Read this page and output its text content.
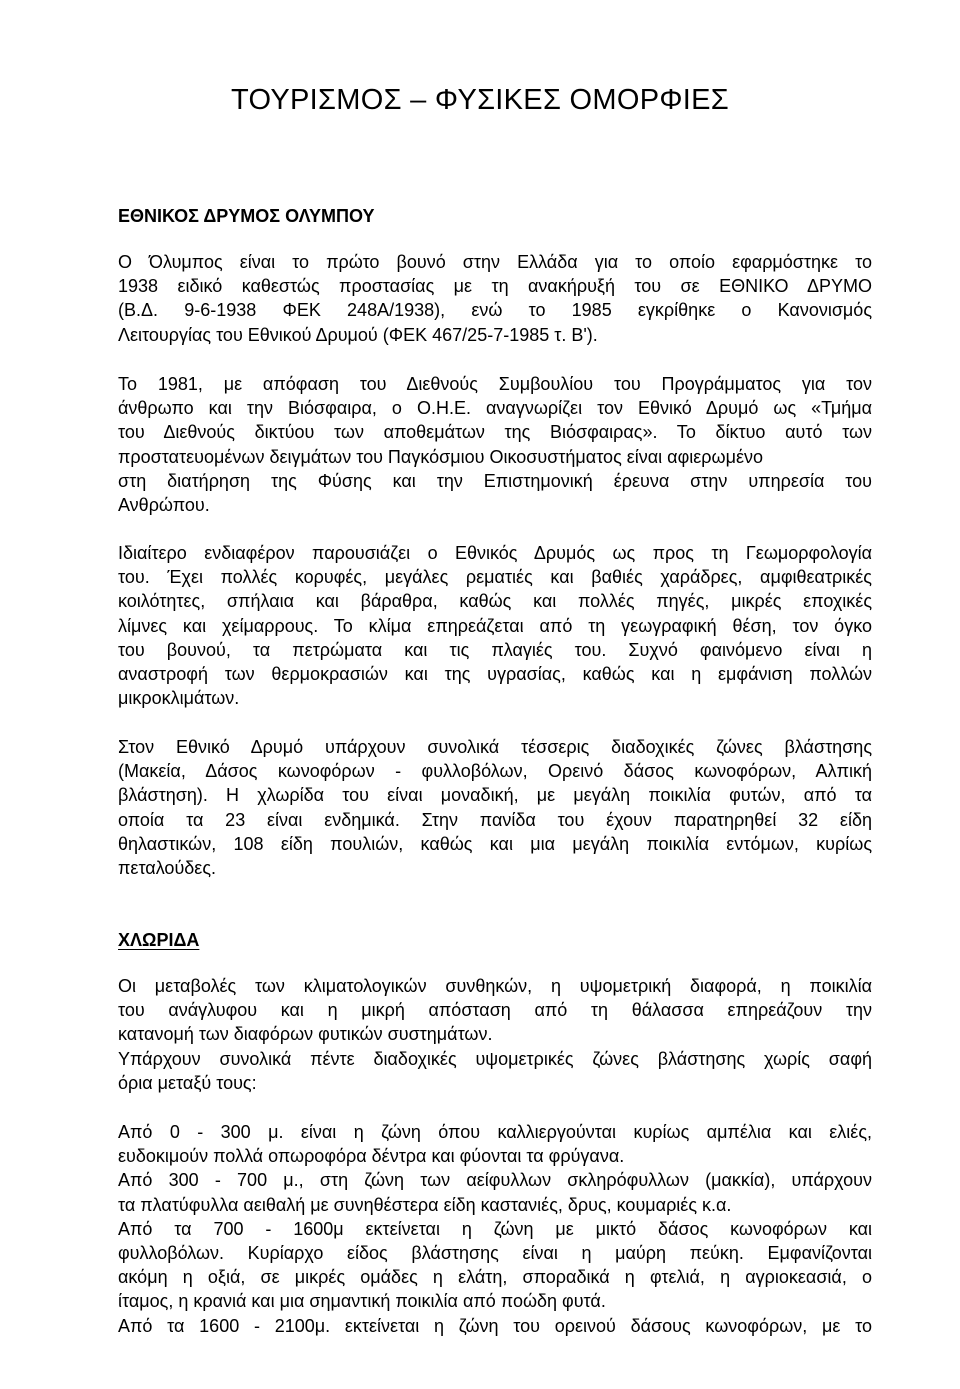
ΤΟΥΡΙΣΜΟΣ – ΦΥΣΙΚΕΣ ΟΜΟΡΦΙΕΣ
ΕΘΝΙΚΟΣ ΔΡΥΜΟΣ ΟΛΥΜΠΟΥ
Ο Όλυμπος είναι το πρώτο βουνό στην Ελλάδα για το οποίο εφαρμόστηκε το
1938 ειδικό καθεστώς προστασίας με τη ανακήρυξή του σε ΕΘΝΙΚΟ ΔΡΥΜΟ
(Β.Δ. 9-6-1938 ΦΕΚ 248Α/1938), ενώ το 1985 εγκρίθηκε ο Κανονισμός
Λειτουργίας του Εθνικού Δρυμού (ΦΕΚ 467/25-7-1985 τ. Β').
Το 1981, με απόφαση του Διεθνούς Συμβουλίου του Προγράμματος για τον
άνθρωπο και την Βιόσφαιρα, ο Ο.Η.Ε. αναγνωρίζει τον Εθνικό Δρυμό ως «Τμήμα
του Διεθνούς δικτύου των αποθεμάτων της Βιόσφαιρας». Το δίκτυο αυτό των
προστατευομένων δειγμάτων του Παγκόσμιου Οικοσυστήματος είναι αφιερωμένο
στη διατήρηση της Φύσης και την Επιστημονική έρευνα στην υπηρεσία του
Ανθρώπου.
Ιδιαίτερο ενδιαφέρον παρουσιάζει ο Εθνικός Δρυμός ως προς τη Γεωμορφολογία
του. Έχει πολλές κορυφές, μεγάλες ρεματιές και βαθιές χαράδρες, αμφιθεατρικές
κοιλότητες, σπήλαια και βάραθρα, καθώς και πολλές πηγές, μικρές εποχικές
λίμνες και χείμαρρους. Το κλίμα επηρεάζεται από τη γεωγραφική θέση, τον όγκο
του βουνού, τα πετρώματα και τις πλαγιές του. Συχνό φαινόμενο είναι η
αναστροφή των θερμοκρασιών και της υγρασίας, καθώς και η εμφάνιση πολλών
μικροκλιμάτων.
Στον Εθνικό Δρυμό υπάρχουν συνολικά τέσσερις διαδοχικές ζώνες βλάστησης
(Μακεία, Δάσος κωνοφόρων - φυλλοβόλων, Ορεινό δάσος κωνοφόρων, Αλπική
βλάστηση). Η χλωρίδα του είναι μοναδική, με μεγάλη ποικιλία φυτών, από τα
οποία τα 23 είναι ενδημικά. Στην πανίδα του έχουν παρατηρηθεί 32 είδη
θηλαστικών, 108 είδη πουλιών, καθώς και μια μεγάλη ποικιλία εντόμων, κυρίως
πεταλούδες.
ΧΛΩΡΙΔΑ
Οι μεταβολές των κλιματολογικών συνθηκών, η υψομετρική διαφορά, η ποικιλία
του ανάγλυφου και η μικρή απόσταση από τη θάλασσα επηρεάζουν την
κατανομή των διαφόρων φυτικών συστημάτων.
Υπάρχουν συνολικά πέντε διαδοχικές υψομετρικές ζώνες βλάστησης χωρίς σαφή
όρια μεταξύ τους:
Από 0 - 300 μ. είναι η ζώνη όπου καλλιεργούνται κυρίως αμπέλια και ελιές,
ευδοκιμούν πολλά οπωροφόρα δέντρα και φύονται τα φρύγανα.
Από 300 - 700 μ., στη ζώνη των αείφυλλων σκληρόφυλλων (μακκία), υπάρχουν
τα πλατύφυλλα αειθαλή με συνηθέστερα είδη καστανιές, δρυς, κουμαριές κ.α.
Από τα 700 - 1600μ εκτείνεται η ζώνη με μικτό δάσος κωνοφόρων και
φυλλοβόλων. Κυρίαρχο είδος βλάστησης είναι η μαύρη πεύκη. Εμφανίζονται
ακόμη η οξιά, σε μικρές ομάδες η ελάτη, σποραδικά η φτελιά, η αγριοκεασιά, ο
ίταμος, η κρανιά και μια σημαντική ποικιλία από ποώδη φυτά.
Από τα 1600 - 2100μ. εκτείνεται η ζώνη του ορεινού δάσους κωνοφόρων, με το
